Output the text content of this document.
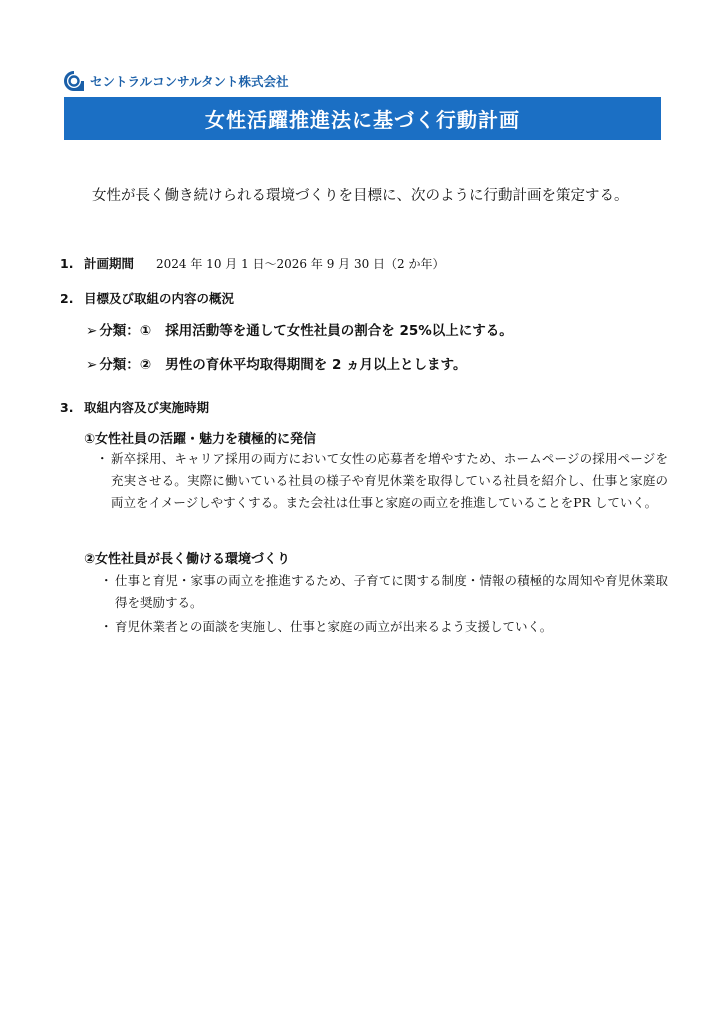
セントラルコンサルタント株式会社
女性活躍推進法に基づく行動計画
女性が長く働き続けられる環境づくりを目標に、次のように行動計画を策定する。
1. 計画期間 2024 年 10 月 1 日～2026 年 9 月 30 日（2 か年）
2. 目標及び取組の内容の概況
➢ 分類：① 採用活動等を通して女性社員の割合を 25%以上にする。
➢ 分類：② 男性の育休平均取得期間を 2 ヵ月以上とします。
3. 取組内容及び実施時期
①女性社員の活躍・魅力を積極的に発信
・ 新卒採用、キャリア採用の両方において女性の応募者を増やすため、ホームページの採用ページを充実させる。実際に働いている社員の様子や育児休業を取得している社員を紹介し、仕事と家庭の両立をイメージしやすくする。また会社は仕事と家庭の両立を推進していることをPR していく。
②女性社員が長く働ける環境づくり
・ 仕事と育児・家事の両立を推進するため、子育てに関する制度・情報の積極的な周知や育児休業取得を奨励する。
・ 育児休業者との面談を実施し、仕事と家庭の両立が出来るよう支援していく。
